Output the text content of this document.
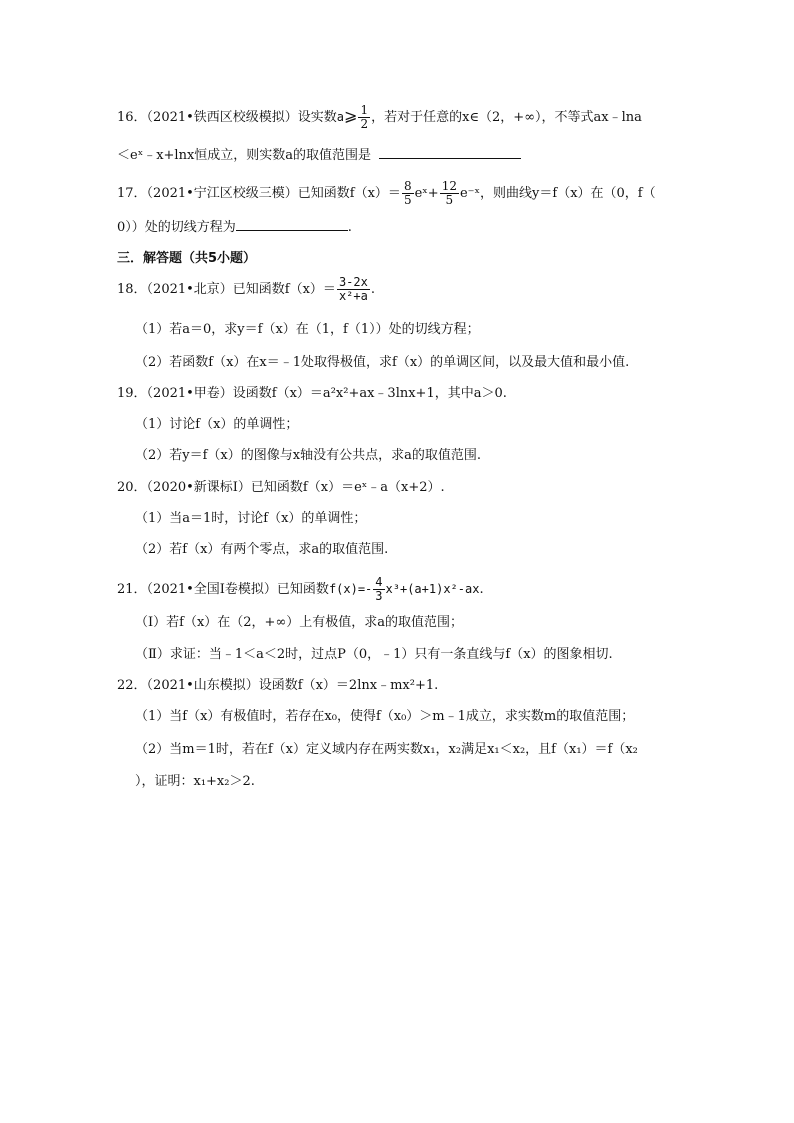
16．（2021•铁西区校级模拟）设实数a⩾ $\frac{1}{2}$ ，若对于任意的x∈（2，+∞），不等式ax﹣lna
＜eˣ﹣x+lnx恒成立，则实数a的取值范围是
17．（2021•宁江区校级三模）已知函数$f(x)= \frac{8}{5}$ eˣ+ $\frac{12}{5}$ e⁻ˣ，则曲线y＝f（x）在（0，f（
0））处的切线方程为	.
三．解答题（共5小题）
18．（2021•北京）已知函数$f(x)= \frac{3-2x}{\text{x²+a}}$ .
（1）若a＝0，求y＝f（x）在（1，f（1））处的切线方程；
（2）若函数f（x）在x＝﹣1处取得极值，求f（x）的单调区间，以及最大值和最小值.
19．（2021•甲卷）设函数f（x）＝a²x²+ax﹣3lnx+1，其中a＞0.
（1）讨论f（x）的单调性；
（2）若y＝f（x）的图像与x轴没有公共点，求a的取值范围.
20．（2020•新课标Ⅰ）已知函数f（x）＝eˣ﹣a（x+2）.
（1）当a＝1时，讨论f（x）的单调性；
（2）若f（x）有两个零点，求a的取值范围.
21．（2021•全国Ⅰ卷模拟）已知函数$f(x)=- \frac{4}{3} x^3+(a+1)x^2-ax$.
（Ⅰ）若f（x）在（2，+∞）上有极值，求a的取值范围；
（Ⅱ）求证：当﹣1＜a＜2时，过点P（0，﹣1）只有一条直线与f（x）的图象相切.
22．（2021•山东模拟）设函数f（x）＝2lnx﹣mx²+1.
（1）当f（x）有极值时，若存在x₀，使得f（x₀）＞m﹣1成立，求实数m的取值范围；
（2）当m＝1时，若在f（x）定义域内存在两实数x₁，x₂满足x₁＜x₂，且f（x₁）＝f（x₂
），证明：x₁+x₂＞2.
